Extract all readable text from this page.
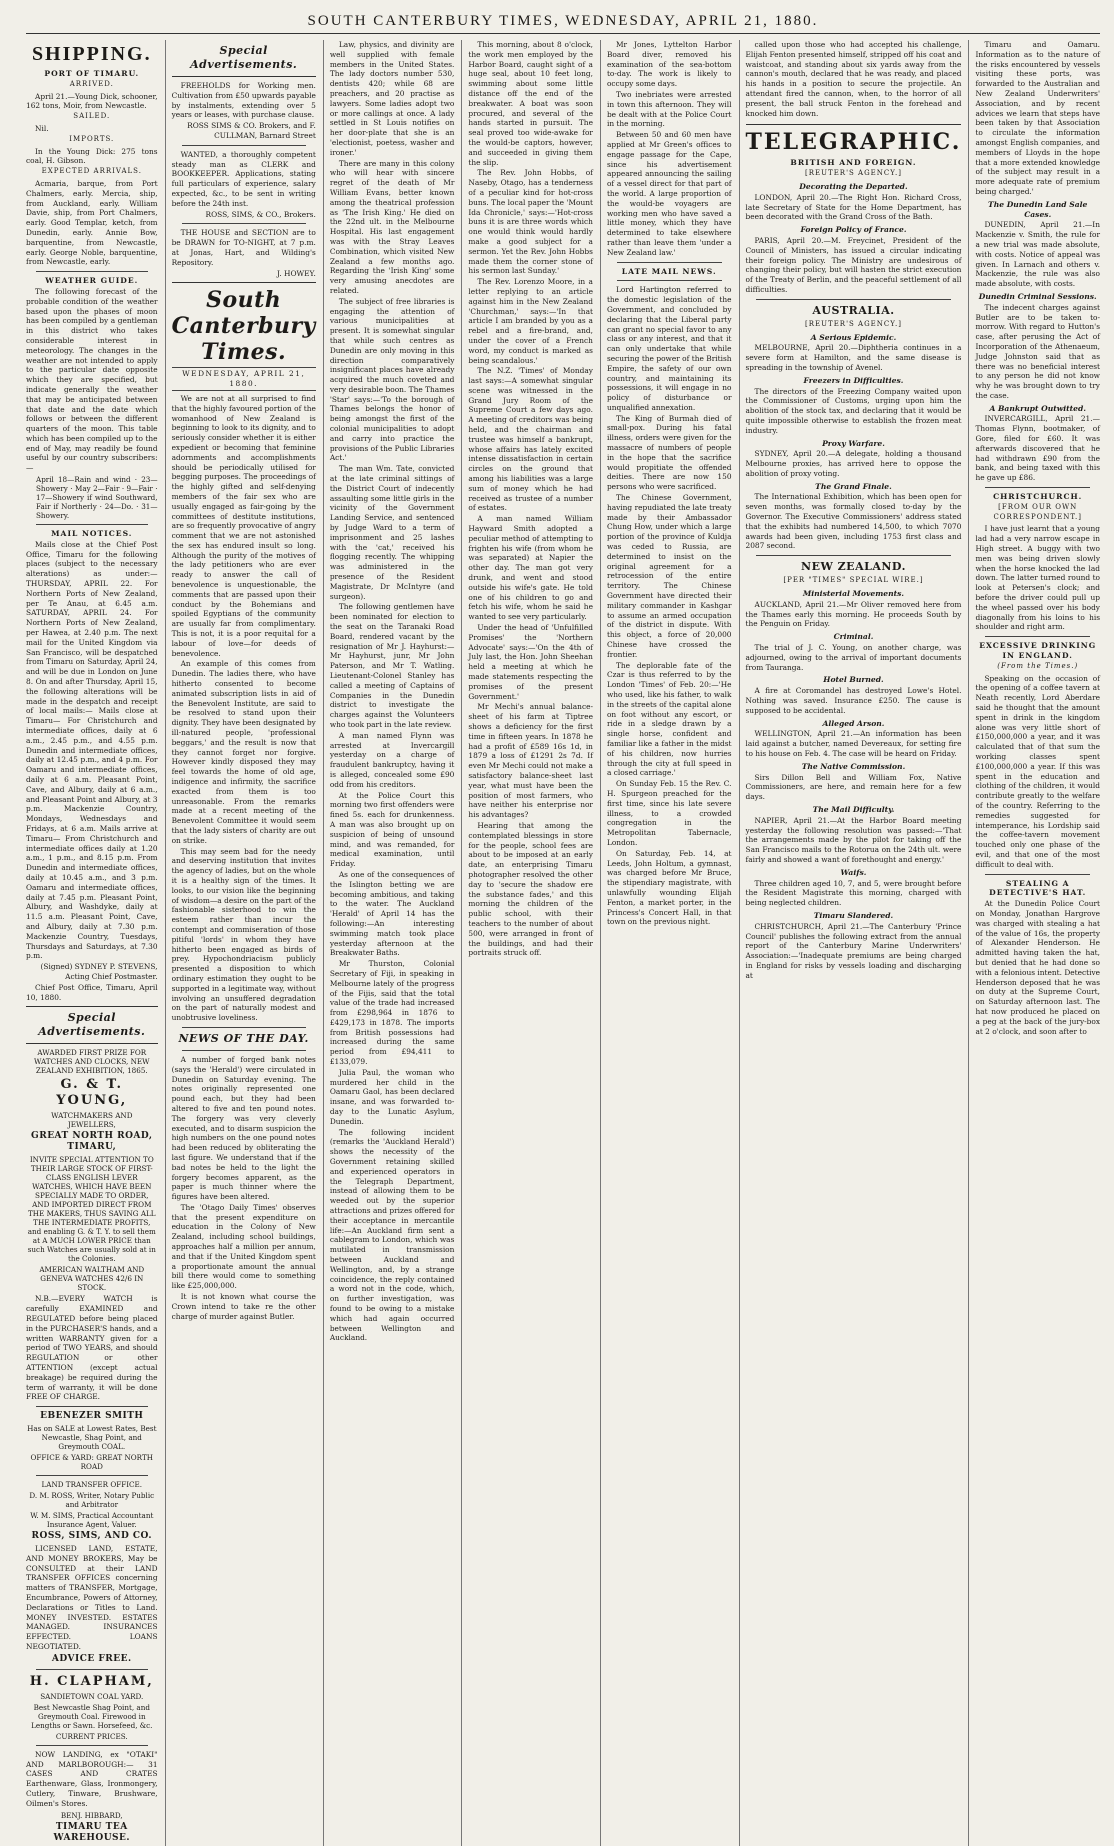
SOUTH CANTERBURY TIMES, WEDNESDAY, APRIL 21, 1880.
SHIPPING.
PORT OF TIMARU.
ARRIVED.

April 21.—Young Dick, schooner, 162 tons, Moir, from Newcastle.

SAILED.

Nil.

IMPORTS.

In the Young Dick: 275 tons coal, H. Gibson.

EXPECTED ARRIVALS.

Acmaria, barque, from Port Chalmers, early. Mercia, ship, from Auckland, early. William Davie, ship, from Port Chalmers, early. Good Templar, ketch, from Dunedin, early. Annie Bow, barquentine, from Newcastle, early. George Noble, barquentine, from Newcastle, early.

WEATHER GUIDE.

The following forecast of the probable condition of the weather based upon the phases of moon has been compiled by a gentleman in this district who takes considerable interest in meteorology. The changes in the weather are not intended to apply to the particular date opposite which they are specified, but indicate generally the weather that may be anticipated between that date and the date which follows or between the different quarters of the moon. This table which has been compiled up to the end of May, may readily be found useful by our country subscribers:—

April 18—Rain and wind · 23—Showery · May 2—Fair · 9—Fair · 17—Showery if wind Southward, Fair if Northerly · 24—Do. · 31—Showery.
MAIL NOTICES.

Mails close at the Chief Post Office, Timaru for the following places (subject to the necessary alterations) as under:— THURSDAY, APRIL 22. For Northern Ports of New Zealand, per Te Anau, at 6.45 a.m. SATURDAY, APRIL 24. For Northern Ports of New Zealand, per Hawea, at 2.40 p.m. The next mail for the United Kingdom via San Francisco, will be despatched from Timaru on Saturday, April 24, and will be due in London on June 8. On and after Thursday, April 15, the following alterations will be made in the despatch and receipt of local mails:— Mails close at Timaru— For Christchurch and intermediate offices, daily at 6 a.m., 2.45 p.m., and 4.55 p.m. Dunedin and intermediate offices, daily at 12.45 p.m., and 4 p.m. For Oamaru and intermediate offices, daily at 6 a.m. Pleasant Point, Cave, and Albury, daily at 6 a.m., and Pleasant Point and Albury, at 3 p.m. Mackenzie Country, Mondays, Wednesdays and Fridays, at 6 a.m. Mails arrive at Timaru— From Christchurch and intermediate offices daily at 1.20 a.m., 1 p.m., and 8.15 p.m. From Dunedin and intermediate offices, daily at 10.45 a.m., and 3 p.m. Oamaru and intermediate offices, daily at 7.45 p.m. Pleasant Point, Albury, and Washdyke, daily at 11.5 a.m. Pleasant Point, Cave, and Albury, daily at 7.30 p.m. Mackenzie Country, Tuesdays, Thursdays and Saturdays, at 7.30 p.m.

(Signed) SYDNEY P. STEVENS, Acting Chief Postmaster.

Chief Post Office, Timaru, April 10, 1880.

Special Advertisements.
AWARDED FIRST PRIZE FOR WATCHES AND CLOCKS, NEW ZEALAND EXHIBITION, 1865.
G. & T. YOUNG,
WATCHMAKERS AND JEWELLERS,
GREAT NORTH ROAD, TIMARU,
INVITE SPECIAL ATTENTION TO THEIR LARGE STOCK OF FIRST-CLASS ENGLISH LEVER WATCHES, WHICH HAVE BEEN SPECIALLY MADE TO ORDER, AND IMPORTED DIRECT FROM THE MAKERS, THUS SAVING ALL THE INTERMEDIATE PROFITS, and enabling G. & T. Y. to sell them at A MUCH LOWER PRICE than such Watches are usually sold at in the Colonies.
AMERICAN WALTHAM AND GENEVA WATCHES 42/6 IN STOCK.

N.B.—EVERY WATCH is carefully EXAMINED and REGULATED before being placed in the PURCHASER'S hands, and a written WARRANTY given for a period of TWO YEARS, and should REGULATION or other ATTENTION (except actual breakage) be required during the term of warranty, it will be done FREE OF CHARGE.

EBENEZER SMITH
Has on SALE at Lowest Rates, Best Newcastle, Shag Point, and Greymouth COAL.
OFFICE & YARD: GREAT NORTH ROAD
LAND TRANSFER OFFICE.
D. M. ROSS, Writer, Notary Public and Arbitrator
W. M. SIMS, Practical Accountant Insurance Agent, Valuer.
ROSS, SIMS, AND CO.

LICENSED LAND, ESTATE, AND MONEY BROKERS, May be CONSULTED at their LAND TRANSFER OFFICES concerning matters of TRANSFER, Mortgage, Encumbrance, Powers of Attorney, Declarations or Titles to Land. MONEY INVESTED. ESTATES MANAGED. INSURANCES EFFECTED. LOANS NEGOTIATED.

ADVICE FREE.
H. CLAPHAM,
SANDIETOWN COAL YARD.
Best Newcastle Shag Point, and Greymouth Coal. Firewood in Lengths or Sawn. Horsefeed, &c.
CURRENT PRICES.

NOW LANDING, ex "OTAKI" AND MARLBOROUGH:— 31 CASES AND CRATES Earthenware, Glass, Ironmongery, Cutlery, Tinware, Brushware, Oilmen's Stores.

BENJ. HIBBARD,
TIMARU TEA WAREHOUSE.
Special Advertisements.

FREEHOLDS for Working men. Cultivation from £50 upwards payable by instalments, extending over 5 years or leases, with purchase clause.

ROSS SIMS & CO. Brokers, and F. CULLMAN, Barnard Street

WANTED, a thoroughly competent steady man as CLERK and BOOKKEEPER. Applications, stating full particulars of experience, salary expected, &c., to be sent in writing before the 24th inst.

ROSS, SIMS, & CO., Brokers.

THE HOUSE and SECTION are to be DRAWN for TO-NIGHT, at 7 p.m. at Jonas, Hart, and Wilding's Repository.

J. HOWEY.

South Canterbury Times.
WEDNESDAY, APRIL 21, 1880.

We are not at all surprised to find that the highly favoured portion of the womanhood of New Zealand is beginning to look to its dignity, and to seriously consider whether it is either expedient or becoming that feminine adornments and accomplishments should be periodically utilised for begging purposes. The proceedings of the highly gifted and self-denying members of the fair sex who are usually engaged as fair-going by the committees of destitute institutions, are so frequently provocative of angry comment that we are not astonished the sex has endured insult so long. Although the purity of the motives of the lady petitioners who are ever ready to answer the call of benevolence is unquestionable, the comments that are passed upon their conduct by the Bohemians and spoiled Egyptians of the community are usually far from complimentary. This is not, it is a poor requital for a labour of love—for deeds of benevolence.

An example of this comes from Dunedin. The ladies there, who have hitherto consented to become animated subscription lists in aid of the Benevolent Institute, are said to be resolved to stand upon their dignity. They have been designated by ill-natured people, 'professional beggars,' and the result is now that they cannot forget nor forgive. However kindly disposed they may feel towards the home of old age, indigence and infirmity, the sacrifice exacted from them is too unreasonable. From the remarks made at a recent meeting of the Benevolent Committee it would seem that the lady sisters of charity are out on strike.

This may seem bad for the needy and deserving institution that invites the agency of ladies, but on the whole it is a healthy sign of the times. It looks, to our vision like the beginning of wisdom—a desire on the part of the fashionable sisterhood to win the esteem rather than incur the contempt and commiseration of those pitiful 'lords' in whom they have hitherto been engaged as birds of prey. Hypochondriacism publicly presented a disposition to which ordinary estimation they ought to be supported in a legitimate way, without involving an unsuffered degradation on the part of naturally modest and unobtrusive loveliness.

NEWS OF THE DAY.

A number of forged bank notes (says the 'Herald') were circulated in Dunedin on Saturday evening. The notes originally represented one pound each, but they had been altered to five and ten pound notes. The forgery was very cleverly executed, and to disarm suspicion the high numbers on the one pound notes had been reduced by obliterating the last figure. We understand that if the bad notes be held to the light the forgery becomes apparent, as the paper is much thinner where the figures have been altered.

The 'Otago Daily Times' observes that the present expenditure on education in the Colony of New Zealand, including school buildings, approaches half a million per annum, and that if the United Kingdom spent a proportionate amount the annual bill there would come to something like £25,000,000.

It is not known what course the Crown intend to take re the other charge of murder against Butler.

Law, physics, and divinity are well supplied with female members in the United States. The lady doctors number 530, dentists 420; while 68 are preachers, and 20 practise as lawyers. Some ladies adopt two or more callings at once. A lady settled in St Louis notifies on her door-plate that she is an 'electionist, poetess, washer and ironer.'

There are many in this colony who will hear with sincere regret of the death of Mr William Evans, better known among the theatrical profession as 'The Irish King.' He died on the 22nd ult. in the Melbourne Hospital. His last engagement was with the Stray Leaves Combination, which visited New Zealand a few months ago. Regarding the 'Irish King' some very amusing anecdotes are related.

The subject of free libraries is engaging the attention of various municipalities at present. It is somewhat singular that while such centres as Dunedin are only moving in this direction comparatively insignificant places have already acquired the much coveted and very desirable boon. The Thames 'Star' says:—'To the borough of Thames belongs the honor of being amongst the first of the colonial municipalities to adopt and carry into practice the provisions of the Public Libraries Act.'

The man Wm. Tate, convicted at the late criminal sittings of the District Court of indecently assaulting some little girls in the vicinity of the Government Landing Service, and sentenced by Judge Ward to a term of imprisonment and 25 lashes with the 'cat,' received his flogging recently. The whipping was administered in the presence of the Resident Magistrate, Dr McIntyre (and surgeon).

The following gentlemen have been nominated for election to the seat on the Taranaki Road Board, rendered vacant by the resignation of Mr J. Hayhurst:—Mr Hayhurst, junr, Mr John Paterson, and Mr T. Watling. Lieutenant-Colonel Stanley has called a meeting of Captains of Companies in the Dunedin district to investigate the charges against the Volunteers who took part in the late review.

A man named Flynn was arrested at Invercargill yesterday on a charge of fraudulent bankruptcy, having it is alleged, concealed some £90 odd from his creditors.

At the Police Court this morning two first offenders were fined 5s. each for drunkenness. A man was also brought up on suspicion of being of unsound mind, and was remanded, for medical examination, until Friday.

As one of the consequences of the Islington betting we are becoming ambitious, and taking to the water. The Auckland 'Herald' of April 14 has the following:—An interesting swimming match took place yesterday afternoon at the Breakwater Baths.

Mr Thurston, Colonial Secretary of Fiji, in speaking in Melbourne lately of the progress of the Fijis, said that the total value of the trade had increased from £298,964 in 1876 to £429,173 in 1878. The imports from British possessions had increased during the same period from £94,411 to £133,079.

Julia Paul, the woman who murdered her child in the Oamaru Gaol, has been declared insane, and was forwarded to-day to the Lunatic Asylum, Dunedin.

The following incident (remarks the 'Auckland Herald') shows the necessity of the Government retaining skilled and experienced operators in the Telegraph Department, instead of allowing them to be weeded out by the superior attractions and prizes offered for their acceptance in mercantile life:—An Auckland firm sent a cablegram to London, which was mutilated in transmission between Auckland and Wellington, and, by a strange coincidence, the reply contained a word not in the code, which, on further investigation, was found to be owing to a mistake which had again occurred between Wellington and Auckland.

This morning, about 8 o'clock, the work men employed by the Harbor Board, caught sight of a huge seal, about 10 feet long, swimming about some little distance off the end of the breakwater. A boat was soon procured, and several of the hands started in pursuit. The seal proved too wide-awake for the would-be captors, however, and succeeded in giving them the slip.

The Rev. John Hobbs, of Naseby, Otago, has a tenderness of a peculiar kind for hot-cross buns. The local paper the 'Mount Ida Chronicle,' says:—'Hot-cross buns it is are three words which one would think would hardly make a good subject for a sermon. Yet the Rev. John Hobbs made them the corner stone of his sermon last Sunday.'

The Rev. Lorenzo Moore, in a letter replying to an article against him in the New Zealand 'Churchman,' says:—'In that article I am branded by you as a rebel and a fire-brand, and, under the cover of a French word, my conduct is marked as being scandalous.'

The N.Z. 'Times' of Monday last says:—A somewhat singular scene was witnessed in the Grand Jury Room of the Supreme Court a few days ago. A meeting of creditors was being held, and the chairman and trustee was himself a bankrupt, whose affairs has lately excited intense dissatisfaction in certain circles on the ground that among his liabilities was a large sum of money which he had received as trustee of a number of estates.

A man named William Hayward Smith adopted a peculiar method of attempting to frighten his wife (from whom he was separated) at Napier the other day. The man got very drunk, and went and stood outside his wife's gate. He told one of his children to go and fetch his wife, whom he said he wanted to see very particularly.

Under the head of 'Unfulfilled Promises' the 'Northern Advocate' says:—'On the 4th of July last, the Hon. John Sheehan held a meeting at which he made statements respecting the promises of the present Government.'

Mr Mechi's annual balance-sheet of his farm at Tiptree shows a deficiency for the first time in fifteen years. In 1878 he had a profit of £589 16s 1d, in 1879 a loss of £1291 2s 7d. If even Mr Mechi could not make a satisfactory balance-sheet last year, what must have been the position of most farmers, who have neither his enterprise nor his advantages?

Hearing that among the contemplated blessings in store for the people, school fees are about to be imposed at an early date, an enterprising Timaru photographer resolved the other day to 'secure the shadow ere the substance fades,' and this morning the children of the public school, with their teachers to the number of about 500, were arranged in front of the buildings, and had their portraits struck off.

Mr Jones, Lyttelton Harbor Board diver, removed his examination of the sea-bottom to-day. The work is likely to occupy some days.

Two inebriates were arrested in town this afternoon. They will be dealt with at the Police Court in the morning.

Between 50 and 60 men have applied at Mr Green's offices to engage passage for the Cape, since his advertisement appeared announcing the sailing of a vessel direct for that part of the world. A large proportion of the would-be voyagers are working men who have saved a little money, which they have determined to take elsewhere rather than leave them 'under a New Zealand law.'

LATE MAIL NEWS.

Lord Hartington referred to the domestic legislation of the Government, and concluded by declaring that the Liberal party can grant no special favor to any class or any interest, and that it can only undertake that while securing the power of the British Empire, the safety of our own country, and maintaining its possessions, it will engage in no policy of disturbance or unqualified annexation.

The King of Burmah died of small-pox. During his fatal illness, orders were given for the massacre of numbers of people in the hope that the sacrifice would propitiate the offended deities. There are now 150 persons who were sacrificed.

The Chinese Government, having repudiated the late treaty made by their Ambassador Chung How, under which a large portion of the province of Kuldja was ceded to Russia, are determined to insist on the original agreement for a retrocession of the entire territory. The Chinese Government have directed their military commander in Kashgar to assume an armed occupation of the district in dispute. With this object, a force of 20,000 Chinese have crossed the frontier.

The deplorable fate of the Czar is thus referred to by the London 'Times' of Feb. 20:—'He who used, like his father, to walk in the streets of the capital alone on foot without any escort, or ride in a sledge drawn by a single horse, confident and familiar like a father in the midst of his children, now hurries through the city at full speed in a closed carriage.'

On Sunday Feb. 15 the Rev. C. H. Spurgeon preached for the first time, since his late severe illness, to a crowded congregation in the Metropolitan Tabernacle, London.

On Saturday, Feb. 14, at Leeds, John Holtum, a gymnast, was charged before Mr Bruce, the stipendiary magistrate, with unlawfully wounding Elijah Fenton, a market porter, in the Princess's Concert Hall, in that town on the previous night.

called upon those who had accepted his challenge, Elijah Fenton presented himself, stripped off his coat and waistcoat, and standing about six yards away from the cannon's mouth, declared that he was ready, and placed his hands in a position to secure the projectile. An attendant fired the cannon, when, to the horror of all present, the ball struck Fenton in the forehead and knocked him down.

TELEGRAPHIC.
BRITISH AND FOREIGN.
[REUTER'S AGENCY.]
Decorating the Departed.

LONDON, April 20.—The Right Hon. Richard Cross, late Secretary of State for the Home Department, has been decorated with the Grand Cross of the Bath.

Foreign Policy of France.

PARIS, April 20.—M. Freycinet, President of the Council of Ministers, has issued a circular indicating their foreign policy. The Ministry are undesirous of changing their policy, but will hasten the strict execution of the Treaty of Berlin, and the peaceful settlement of all difficulties.

AUSTRALIA.
[REUTER'S AGENCY.]
A Serious Epidemic.

MELBOURNE, April 20.—Diphtheria continues in a severe form at Hamilton, and the same disease is spreading in the township of Avenel.

Freezers in Difficulties.

The directors of the Freezing Company waited upon the Commissioner of Customs, urging upon him the abolition of the stock tax, and declaring that it would be quite impossible otherwise to establish the frozen meat industry.

Proxy Warfare.

SYDNEY, April 20.—A delegate, holding a thousand Melbourne proxies, has arrived here to oppose the abolition of proxy voting.

The Grand Finale.

The International Exhibition, which has been open for seven months, was formally closed to-day by the Governor. The Executive Commissioners' address stated that the exhibits had numbered 14,500, to which 7070 awards had been given, including 1753 first class and 2087 second.

NEW ZEALAND.
[PER "TIMES" SPECIAL WIRE.]
Ministerial Movements.

AUCKLAND, April 21.—Mr Oliver removed here from the Thames early this morning. He proceeds South by the Penguin on Friday.

Criminal.

The trial of J. C. Young, on another charge, was adjourned, owing to the arrival of important documents from Tauranga.

Hotel Burned.

A fire at Coromandel has destroyed Lowe's Hotel. Nothing was saved. Insurance £250. The cause is supposed to be accidental.

Alleged Arson.

WELLINGTON, April 21.—An information has been laid against a butcher, named Devereaux, for setting fire to his house on Feb. 4. The case will be heard on Friday.

The Native Commission.

Sirs Dillon Bell and William Fox, Native Commissioners, are here, and remain here for a few days.

The Mail Difficulty.

NAPIER, April 21.—At the Harbor Board meeting yesterday the following resolution was passed:—'That the arrangements made by the pilot for taking off the San Francisco mails to the Rotorua on the 24th ult. were fairly and showed a want of forethought and energy.'

Waifs.

Three children aged 10, 7, and 5, were brought before the Resident Magistrate this morning, charged with being neglected children.

Timaru Slandered.

CHRISTCHURCH, April 21.—The Canterbury 'Prince Council' publishes the following extract from the annual report of the Canterbury Marine Underwriters' Association:—'Inadequate premiums are being charged in England for risks by vessels loading and discharging at

Timaru and Oamaru. Information as to the nature of the risks encountered by vessels visiting these ports, was forwarded to the Australian and New Zealand Underwriters' Association, and by recent advices we learn that steps have been taken by that Association to circulate the information amongst English companies, and members of Lloyds in the hope that a more extended knowledge of the subject may result in a more adequate rate of premium being charged.'

The Dunedin Land Sale Cases.

DUNEDIN, April 21.—In Mackenzie v. Smith, the rule for a new trial was made absolute, with costs. Notice of appeal was given. In Larnach and others v. Mackenzie, the rule was also made absolute, with costs.

Dunedin Criminal Sessions.

The indecent charges against Butler are to be taken to-morrow. With regard to Hutton's case, after perusing the Act of Incorporation of the Athenaeum, Judge Johnston said that as there was no beneficial interest to any person he did not know why he was brought down to try the case.

A Bankrupt Outwitted.

INVERCARGILL, April 21.—Thomas Flynn, bootmaker, of Gore, filed for £60. It was afterwards discovered that he had withdrawn £90 from the bank, and being taxed with this he gave up £86.

CHRISTCHURCH.
[FROM OUR OWN CORRESPONDENT.]

I have just learnt that a young lad had a very narrow escape in High street. A buggy with two men was being driven slowly when the horse knocked the lad down. The latter turned round to look at Petersen's clock; and before the driver could pull up the wheel passed over his body diagonally from his loins to his shoulder and right arm.

EXCESSIVE DRINKING IN ENGLAND.
(From the Times.)

Speaking on the occasion of the opening of a coffee tavern at Neath recently, Lord Aberdare said he thought that the amount spent in drink in the kingdom alone was very little short of £150,000,000 a year, and it was calculated that of that sum the working classes spent £100,000,000 a year. If this was spent in the education and clothing of the children, it would contribute greatly to the welfare of the country. Referring to the remedies suggested for intemperance, his Lordship said the coffee-tavern movement touched only one phase of the evil, and that one of the most difficult to deal with.

STEALING A DETECTIVE'S HAT.

At the Dunedin Police Court on Monday, Jonathan Hargrove was charged with stealing a hat of the value of 16s, the property of Alexander Henderson. He admitted having taken the hat, but denied that he had done so with a felonious intent. Detective Henderson deposed that he was on duty at the Supreme Court, on Saturday afternoon last. The hat now produced he placed on a peg at the back of the jury-box at 2 o'clock, and soon after to
